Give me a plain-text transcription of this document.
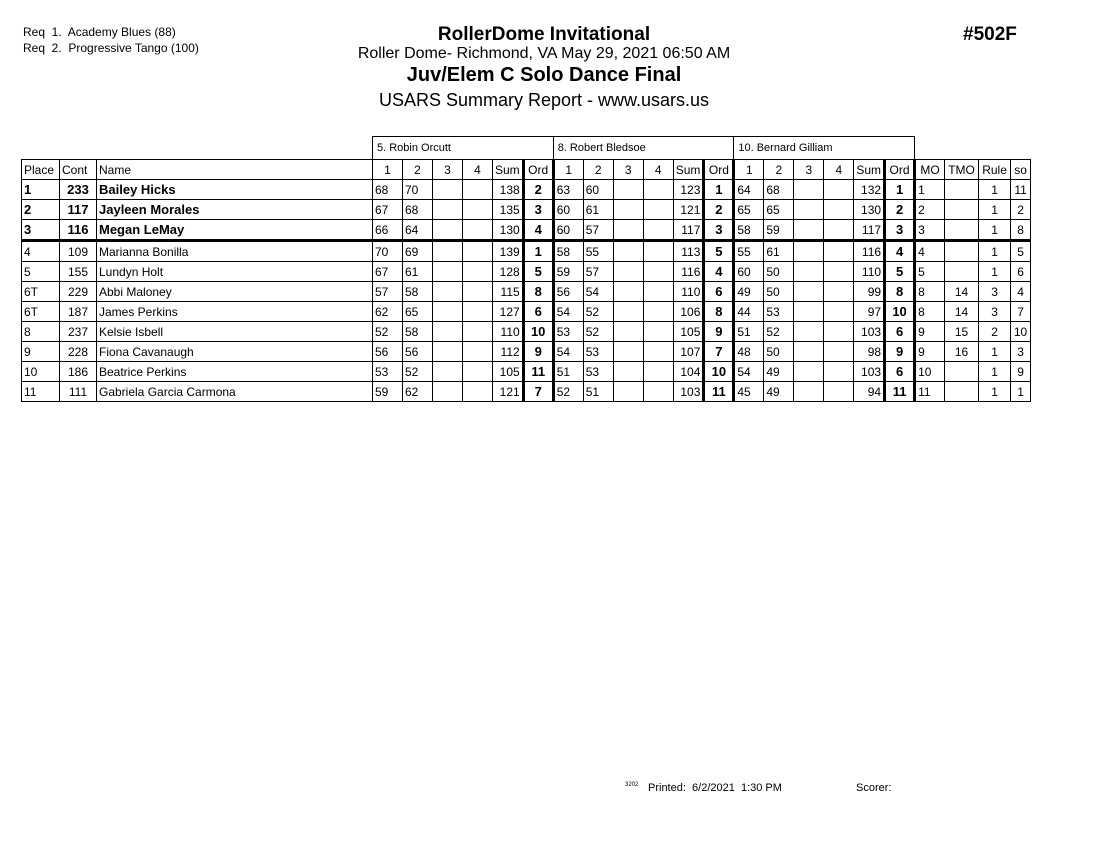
Req  1.  Academy Blues (88)
Req  2.  Progressive Tango (100)
RollerDome Invitational
Roller Dome- Richmond, VA May 29, 2021 06:50 AM
Juv/Elem C Solo Dance Final
USARS Summary Report - www.usars.us
#502F
			5. Robin Orcutt						8. Robert Bledsoe						10. Bernard Gilliam									
Place	Cont	Name	1	2	3	4	Sum	Ord	1	2	3	4	Sum	Ord	1	2	3	4	Sum	Ord	MO	TMO	Rule	so
1	233	Bailey Hicks	68	70			138	2	63	60			123	1	64	68			132	1	1		1	11
2	117	Jayleen Morales	67	68			135	3	60	61			121	2	65	65			130	2	2		1	2
3	116	Megan LeMay	66	64			130	4	60	57			117	3	58	59			117	3	3		1	8
4	109	Marianna Bonilla	70	69			139	1	58	55			113	5	55	61			116	4	4		1	5
5	155	Lundyn Holt	67	61			128	5	59	57			116	4	60	50			110	5	5		1	6
6T	229	Abbi Maloney	57	58			115	8	56	54			110	6	49	50			99	8	8	14	3	4
6T	187	James Perkins	62	65			127	6	54	52			106	8	44	53			97	10	8	14	3	7
8	237	Kelsie Isbell	52	58			110	10	53	52			105	9	51	52			103	6	9	15	2	10
9	228	Fiona Cavanaugh	56	56			112	9	54	53			107	7	48	50			98	9	9	16	1	3
10	186	Beatrice Perkins	53	52			105	11	51	53			104	10	54	49			103	6	10		1	9
11	111	Gabriela Garcia Carmona	59	62			121	7	52	51			103	11	45	49			94	11	11		1	1
3202 Printed:  6/2/2021  1:30 PM	Scorer:
